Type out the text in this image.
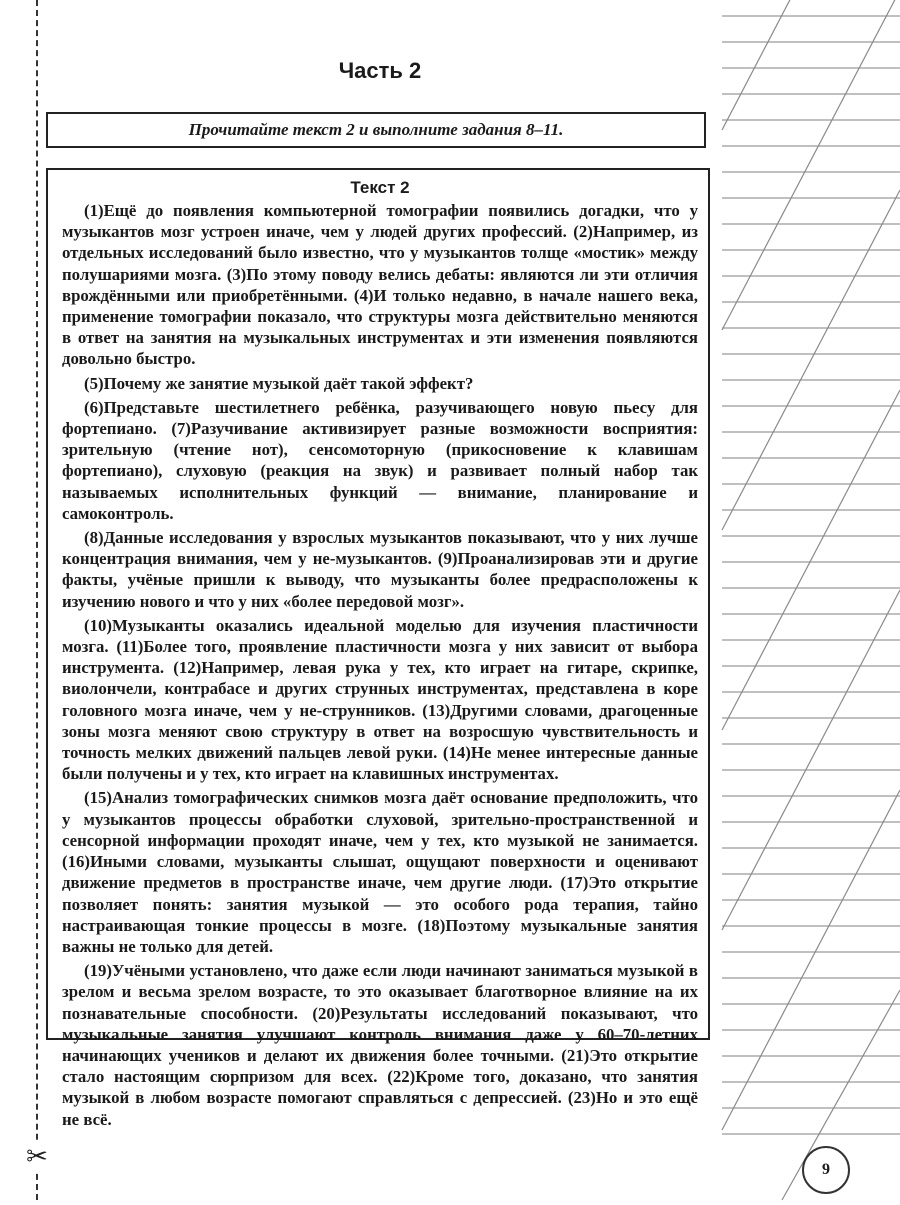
✂
Часть 2
Прочитайте текст 2 и выполните задания 8–11.
Текст 2

(1)Ещё до появления компьютерной томографии появились догадки, что у музыкантов мозг устроен иначе, чем у людей других профессий. (2)Например, из отдельных исследований было известно, что у музыкантов толще «мостик» между полушариями мозга. (3)По этому поводу велись дебаты: являются ли эти отличия врождёнными или приобретёнными. (4)И только недавно, в начале нашего века, применение томографии показало, что структуры мозга действительно меняются в ответ на занятия на музыкальных инструментах и эти изменения появляются довольно быстро.

(5)Почему же занятие музыкой даёт такой эффект?

(6)Представьте шестилетнего ребёнка, разучивающего новую пьесу для фортепиано. (7)Разучивание активизирует разные возможности восприятия: зрительную (чтение нот), сенсомоторную (прикосновение к клавишам фортепиано), слуховую (реакция на звук) и развивает полный набор так называемых исполнительных функций — внимание, планирование и самоконтроль.

(8)Данные исследования у взрослых музыкантов показывают, что у них лучше концентрация внимания, чем у не-музыкантов. (9)Проанализировав эти и другие факты, учёные пришли к выводу, что музыканты более предрасположены к изучению нового и что у них «более передовой мозг».

(10)Музыканты оказались идеальной моделью для изучения пластичности мозга. (11)Более того, проявление пластичности мозга у них зависит от выбора инструмента. (12)Например, левая рука у тех, кто играет на гитаре, скрипке, виолончели, контрабасе и других струнных инструментах, представлена в коре головного мозга иначе, чем у не-струнников. (13)Другими словами, драгоценные зоны мозга меняют свою структуру в ответ на возросшую чувствительность и точность мелких движений пальцев левой руки. (14)Не менее интересные данные были получены и у тех, кто играет на клавишных инструментах.

(15)Анализ томографических снимков мозга даёт основание предположить, что у музыкантов процессы обработки слуховой, зрительно-пространственной и сенсорной информации проходят иначе, чем у тех, кто музыкой не занимается. (16)Иными словами, музыканты слышат, ощущают поверхности и оценивают движение предметов в пространстве иначе, чем другие люди. (17)Это открытие позволяет понять: занятия музыкой — это особого рода терапия, тайно настраивающая тонкие процессы в мозге. (18)Поэтому музыкальные занятия важны не только для детей.

(19)Учёными установлено, что даже если люди начинают заниматься музыкой в зрелом и весьма зрелом возрасте, то это оказывает благотворное влияние на их познавательные способности. (20)Результаты исследований показывают, что музыкальные занятия улучшают контроль внимания даже у 60–70-летних начинающих учеников и делают их движения более точными. (21)Это открытие стало настоящим сюрпризом для всех. (22)Кроме того, доказано, что занятия музыкой в любом возрасте помогают справляться с депрессией. (23)Но и это ещё не всё.

9
